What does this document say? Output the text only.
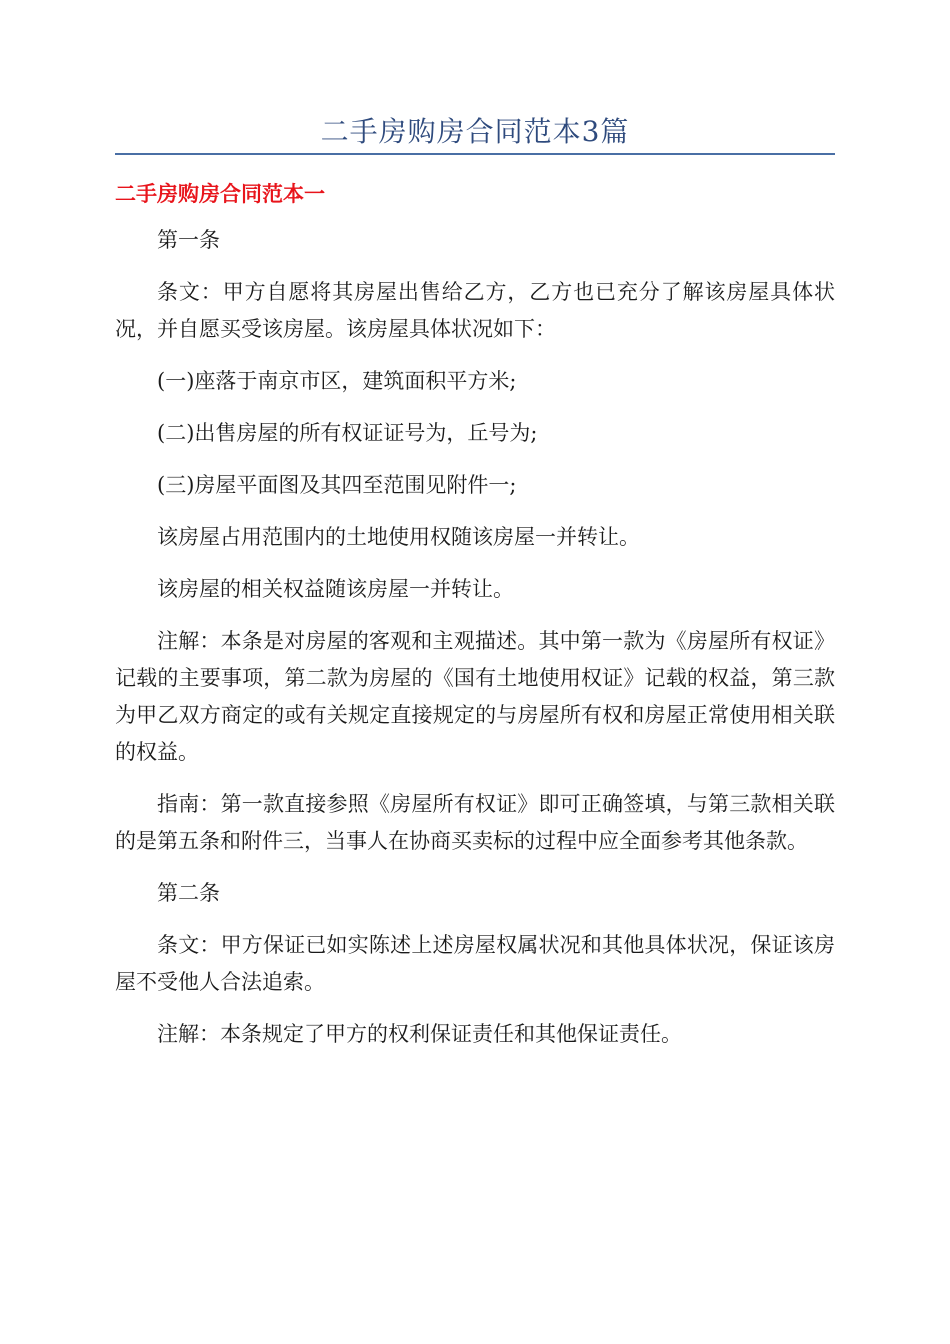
二手房购房合同范本3篇
二手房购房合同范本一

第一条

条文：甲方自愿将其房屋出售给乙方，乙方也已充分了解该房屋具体状况，并自愿买受该房屋。该房屋具体状况如下：

(一)座落于南京市区，建筑面积平方米;

(二)出售房屋的所有权证证号为，丘号为;

(三)房屋平面图及其四至范围见附件一;

该房屋占用范围内的土地使用权随该房屋一并转让。

该房屋的相关权益随该房屋一并转让。

注解：本条是对房屋的客观和主观描述。其中第一款为《房屋所有权证》记载的主要事项，第二款为房屋的《国有土地使用权证》记载的权益，第三款为甲乙双方商定的或有关规定直接规定的与房屋所有权和房屋正常使用相关联的权益。

指南：第一款直接参照《房屋所有权证》即可正确签填，与第三款相关联的是第五条和附件三，当事人在协商买卖标的过程中应全面参考其他条款。

第二条

条文：甲方保证已如实陈述上述房屋权属状况和其他具体状况，保证该房屋不受他人合法追索。

注解：本条规定了甲方的权利保证责任和其他保证责任。
